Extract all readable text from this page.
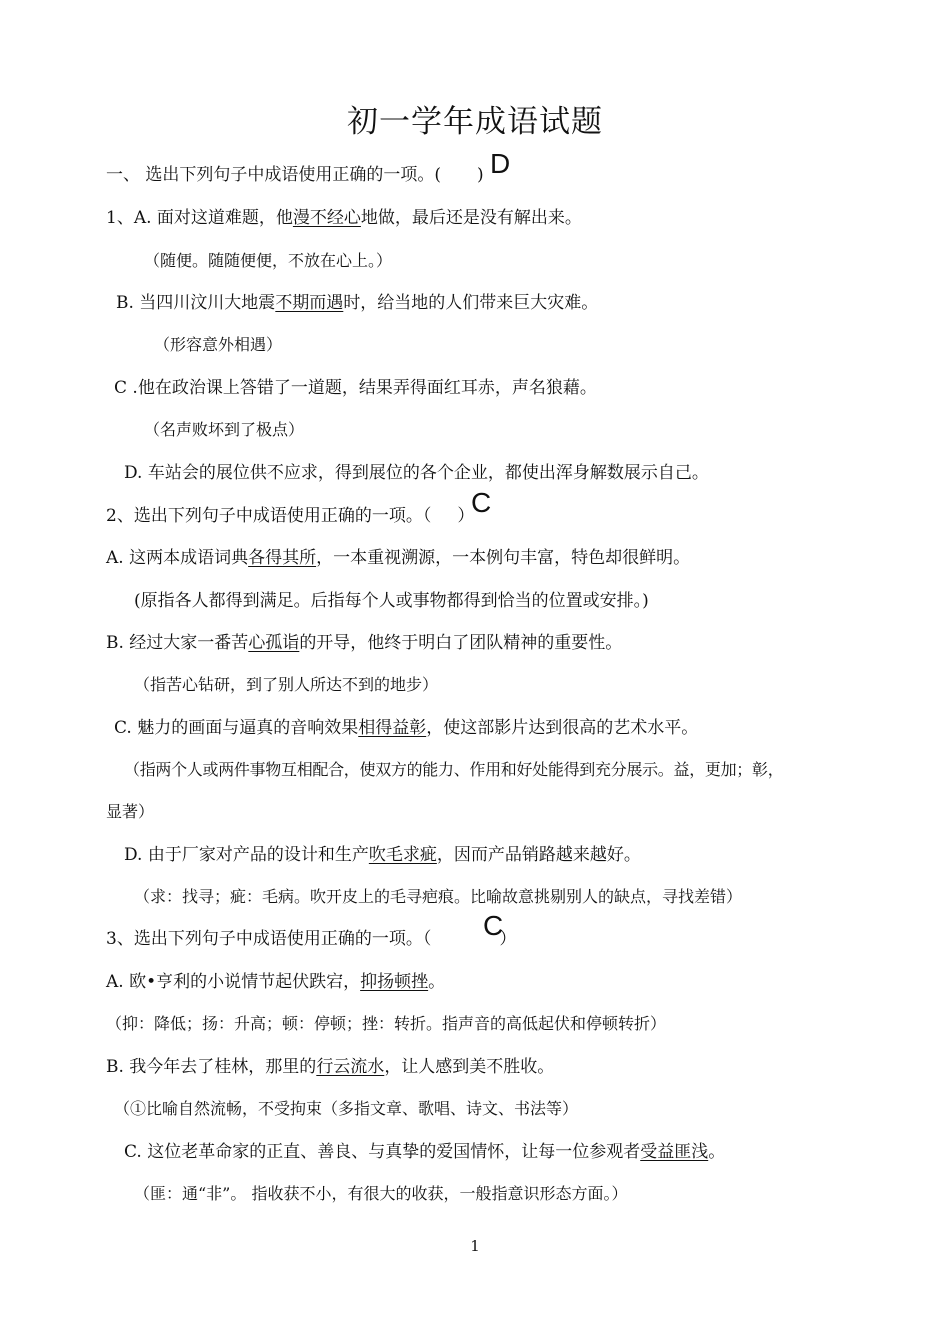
初一学年成语试题
一、 选出下列句子中成语使用正确的一项。( ) D
1、A. 面对这道难题，他漫不经心地做，最后还是没有解出来。
（随便。随随便便，不放在心上。）
B. 当四川汶川大地震不期而遇时，给当地的人们带来巨大灾难。
（形容意外相遇）
C .他在政治课上答错了一道题，结果弄得面红耳赤，声名狼藉。
（名声败坏到了极点）
D. 车站会的展位供不应求，得到展位的各个企业，都使出浑身解数展示自己。
2、选出下列句子中成语使用正确的一项。（ ）
C
A. 这两本成语词典各得其所，一本重视溯源，一本例句丰富，特色却很鲜明。
(原指各人都得到满足。后指每个人或事物都得到恰当的位置或安排。)
B. 经过大家一番苦心孤诣的开导，他终于明白了团队精神的重要性。
（指苦心钻研，到了别人所达不到的地步）
C. 魅力的画面与逼真的音响效果相得益彰，使这部影片达到很高的艺术水平。
（指两个人或两件事物互相配合，使双方的能力、作用和好处能得到充分展示。益，更加；彰，
显著）
D. 由于厂家对产品的设计和生产吹毛求疵，因而产品销路越来越好。
（求：找寻；疵：毛病。吹开皮上的毛寻疤痕。比喻故意挑剔别人的缺点，寻找差错）
3、选出下列句子中成语使用正确的一项。（	）
C
A. 欧•亨利的小说情节起伏跌宕，抑扬顿挫。
（抑：降低；扬：升高；顿：停顿；挫：转折。指声音的高低起伏和停顿转折）
B. 我今年去了桂林，那里的行云流水，让人感到美不胜收。
（①比喻自然流畅，不受拘束（多指文章、歌唱、诗文、书法等）
C. 这位老革命家的正直、善良、与真挚的爱国情怀，让每一位参观者受益匪浅。
（匪：通“非”。 指收获不小，有很大的收获，一般指意识形态方面。）
1
